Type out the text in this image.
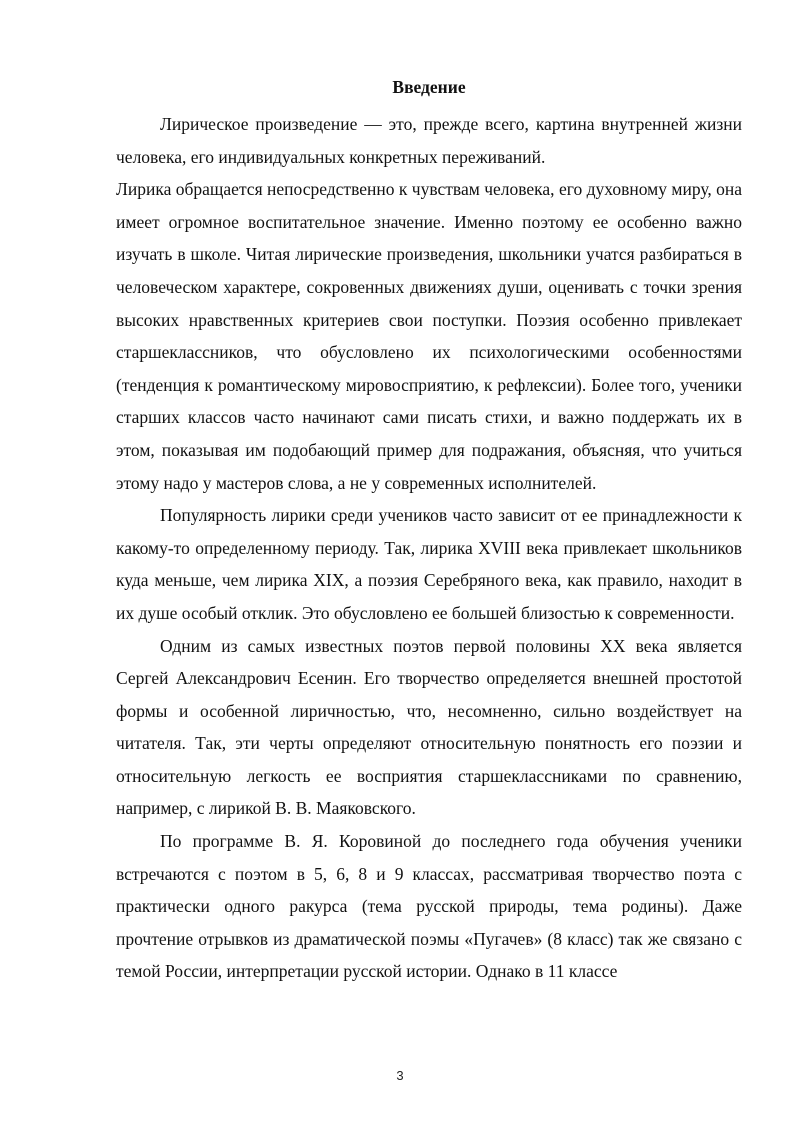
Введение

Лирическое произведение — это, прежде всего, картина внутренней жизни человека, его индивидуальных конкретных переживаний.

Лирика обращается непосредственно к чувствам человека, его духовному миру, она имеет огромное воспитательное значение. Именно поэтому ее особенно важно изучать в школе. Читая лирические произведения, школьники учатся разбираться в человеческом характере, сокровенных движениях души, оценивать с точки зрения высоких нравственных критериев свои поступки. Поэзия особенно привлекает старшеклассников, что обусловлено их психологическими особенностями (тенденция к романтическому мировосприятию, к рефлексии). Более того, ученики старших классов часто начинают сами писать стихи, и важно поддержать их в этом, показывая им подобающий пример для подражания, объясняя, что учиться этому надо у мастеров слова, а не у современных исполнителей.

Популярность лирики среди учеников часто зависит от ее принадлежности к какому-то определенному периоду. Так, лирика XVIII века привлекает школьников куда меньше, чем лирика XIX, а поэзия Серебряного века, как правило, находит в их душе особый отклик. Это обусловлено ее большей близостью к современности.

Одним из самых известных поэтов первой половины XX века является Сергей Александрович Есенин. Его творчество определяется внешней простотой формы и особенной лиричностью, что, несомненно, сильно воздействует на читателя. Так, эти черты определяют относительную понятность его поэзии и относительную легкость ее восприятия старшеклассниками по сравнению, например, с лирикой В. В. Маяковского.

По программе В. Я. Коровиной до последнего года обучения ученики встречаются с поэтом в 5, 6, 8 и 9 классах, рассматривая творчество поэта с практически одного ракурса (тема русской природы, тема родины). Даже прочтение отрывков из драматической поэмы «Пугачев» (8 класс) так же связано с темой России, интерпретации русской истории. Однако в 11 классе

3
